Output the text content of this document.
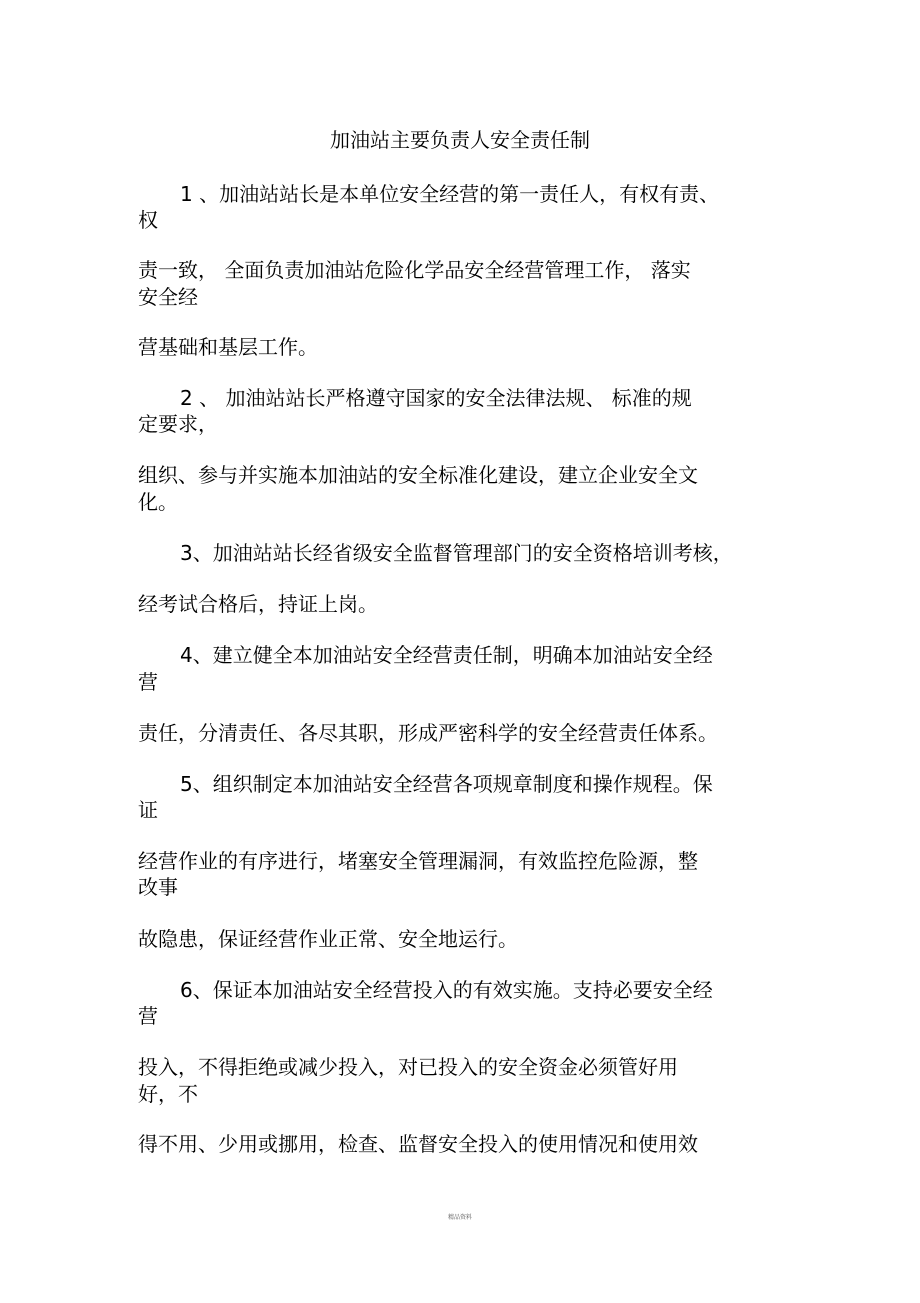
加油站主要负责人安全责任制
1 、加油站站长是本单位安全经营的第一责任人，有权有责、
权
责一致， 全面负责加油站危险化学品安全经营管理工作， 落实
安全经
营基础和基层工作。
2 、 加油站站长严格遵守国家的安全法律法规、 标准的规
定要求，
组织、参与并实施本加油站的安全标准化建设，建立企业安全文
化。
3、加油站站长经省级安全监督管理部门的安全资格培训考核，
经考试合格后，持证上岗。
4、建立健全本加油站安全经营责任制，明确本加油站安全经
营
责任，分清责任、各尽其职，形成严密科学的安全经营责任体系。
5、组织制定本加油站安全经营各项规章制度和操作规程。保
证
经营作业的有序进行，堵塞安全管理漏洞，有效监控危险源，整
改事
故隐患，保证经营作业正常、安全地运行。
6、保证本加油站安全经营投入的有效实施。支持必要安全经
营
投入，不得拒绝或减少投入，对已投入的安全资金必须管好用
好，不
得不用、少用或挪用，检查、监督安全投入的使用情况和使用效
精品资料
